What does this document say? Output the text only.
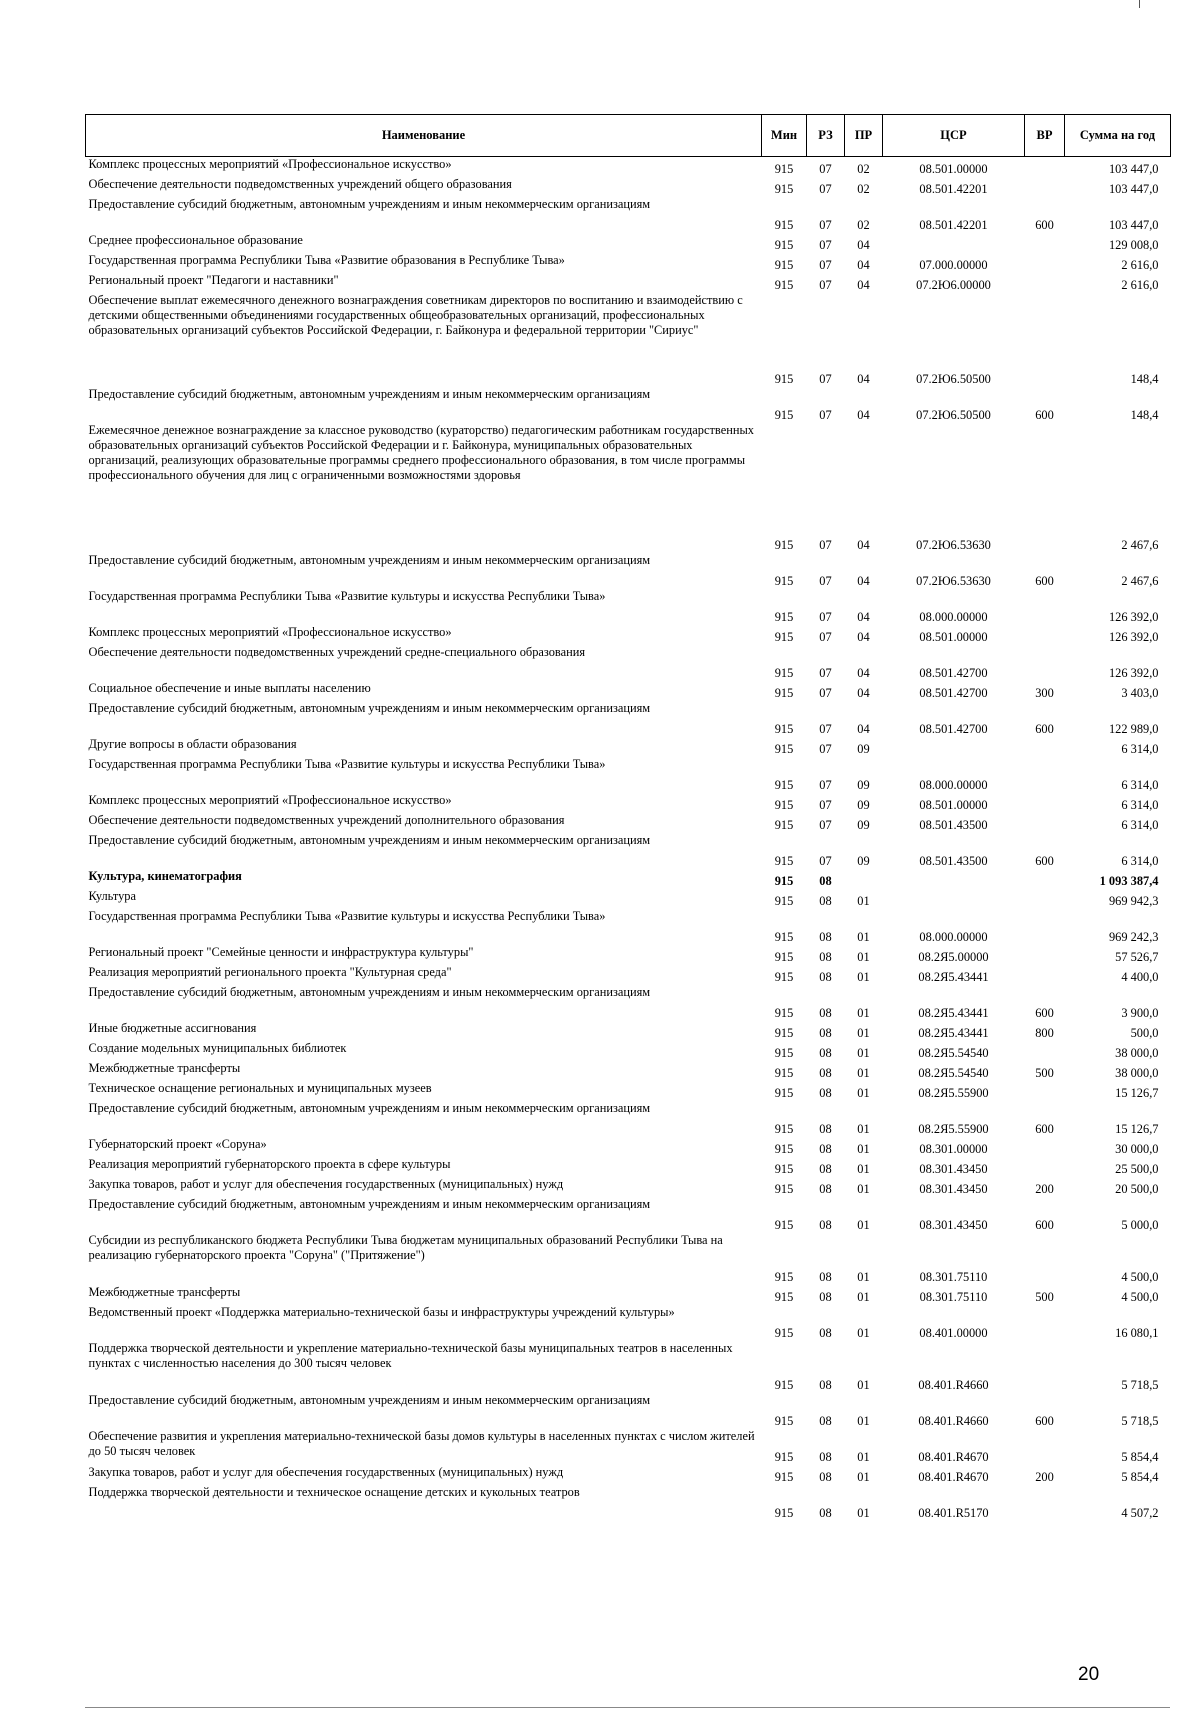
Наименование	Мин	РЗ	ПР	ЦСР	ВР	Сумма на год
Комплекс процессных мероприятий «Профессиональное искусство»	915	07	02	08.501.00000		103 447,0
Обеспечение деятельности подведомственных учреждений общего образования	915	07	02	08.501.42201		103 447,0
Предоставление субсидий бюджетным, автономным учреждениям и иным некоммерческим организациям	915	07	02	08.501.42201	600	103 447,0
Среднее профессиональное образование	915	07	04			129 008,0
Государственная программа Республики Тыва «Развитие образования в Республике Тыва»	915	07	04	07.000.00000		2 616,0
Региональный проект "Педагоги и наставники"	915	07	04	07.2Ю6.00000		2 616,0
Обеспечение выплат ежемесячного денежного вознаграждения советникам директоров по воспитанию и взаимодействию с детскими общественными объединениями государственных общеобразовательных организаций, профессиональных образовательных организаций субъектов Российской Федерации, г. Байконура и федеральной территории "Сириус"	915	07	04	07.2Ю6.50500		148,4
Предоставление субсидий бюджетным, автономным учреждениям и иным некоммерческим организациям	915	07	04	07.2Ю6.50500	600	148,4
Ежемесячное денежное вознаграждение за классное руководство (кураторство) педагогическим работникам государственных образовательных организаций субъектов Российской Федерации и г. Байконура, муниципальных образовательных организаций, реализующих образовательные программы среднего профессионального образования, в том числе программы профессионального обучения для лиц с ограниченными возможностями здоровья	915	07	04	07.2Ю6.53630		2 467,6
Предоставление субсидий бюджетным, автономным учреждениям и иным некоммерческим организациям	915	07	04	07.2Ю6.53630	600	2 467,6
Государственная программа Республики Тыва «Развитие культуры и искусства Республики Тыва»	915	07	04	08.000.00000		126 392,0
Комплекс процессных мероприятий «Профессиональное искусство»	915	07	04	08.501.00000		126 392,0
Обеспечение деятельности подведомственных учреждений средне-специального образования	915	07	04	08.501.42700		126 392,0
Социальное обеспечение и иные выплаты населению	915	07	04	08.501.42700	300	3 403,0
Предоставление субсидий бюджетным, автономным учреждениям и иным некоммерческим организациям	915	07	04	08.501.42700	600	122 989,0
Другие вопросы в области образования	915	07	09			6 314,0
Государственная программа Республики Тыва «Развитие культуры и искусства Республики Тыва»	915	07	09	08.000.00000		6 314,0
Комплекс процессных мероприятий «Профессиональное искусство»	915	07	09	08.501.00000		6 314,0
Обеспечение деятельности подведомственных учреждений дополнительного образования	915	07	09	08.501.43500		6 314,0
Предоставление субсидий бюджетным, автономным учреждениям и иным некоммерческим организациям	915	07	09	08.501.43500	600	6 314,0
Культура, кинематография	915	08				1 093 387,4
Культура	915	08	01			969 942,3
Государственная программа Республики Тыва «Развитие культуры и искусства Республики Тыва»	915	08	01	08.000.00000		969 242,3
Региональный проект "Семейные ценности и инфраструктура культуры"	915	08	01	08.2Я5.00000		57 526,7
Реализация мероприятий регионального проекта "Культурная среда"	915	08	01	08.2Я5.43441		4 400,0
Предоставление субсидий бюджетным, автономным учреждениям и иным некоммерческим организациям	915	08	01	08.2Я5.43441	600	3 900,0
Иные бюджетные ассигнования	915	08	01	08.2Я5.43441	800	500,0
Создание модельных муниципальных библиотек	915	08	01	08.2Я5.54540		38 000,0
Межбюджетные трансферты	915	08	01	08.2Я5.54540	500	38 000,0
Техническое оснащение региональных и муниципальных музеев	915	08	01	08.2Я5.55900		15 126,7
Предоставление субсидий бюджетным, автономным учреждениям и иным некоммерческим организациям	915	08	01	08.2Я5.55900	600	15 126,7
Губернаторский проект «Соруна»	915	08	01	08.301.00000		30 000,0
Реализация мероприятий губернаторского проекта в сфере культуры	915	08	01	08.301.43450		25 500,0
Закупка товаров, работ и услуг для обеспечения государственных (муниципальных) нужд	915	08	01	08.301.43450	200	20 500,0
Предоставление субсидий бюджетным, автономным учреждениям и иным некоммерческим организациям	915	08	01	08.301.43450	600	5 000,0
Субсидии из республиканского бюджета Республики Тыва бюджетам муниципальных образований Республики Тыва на реализацию губернаторского проекта "Соруна" ("Притяжение")	915	08	01	08.301.75110		4 500,0
Межбюджетные трансферты	915	08	01	08.301.75110	500	4 500,0
Ведомственный проект «Поддержка материально-технической базы и инфраструктуры учреждений культуры»	915	08	01	08.401.00000		16 080,1
Поддержка творческой деятельности и укрепление материально-технической базы муниципальных театров в населенных пунктах с численностью населения до 300 тысяч человек	915	08	01	08.401.R4660		5 718,5
Предоставление субсидий бюджетным, автономным учреждениям и иным некоммерческим организациям	915	08	01	08.401.R4660	600	5 718,5
Обеспечение развития и укрепления материально-технической базы домов культуры в населенных пунктах с числом жителей до 50 тысяч человек	915	08	01	08.401.R4670		5 854,4
Закупка товаров, работ и услуг для обеспечения государственных (муниципальных) нужд	915	08	01	08.401.R4670	200	5 854,4
Поддержка творческой деятельности и техническое оснащение детских и кукольных театров	915	08	01	08.401.R5170		4 507,2
20
